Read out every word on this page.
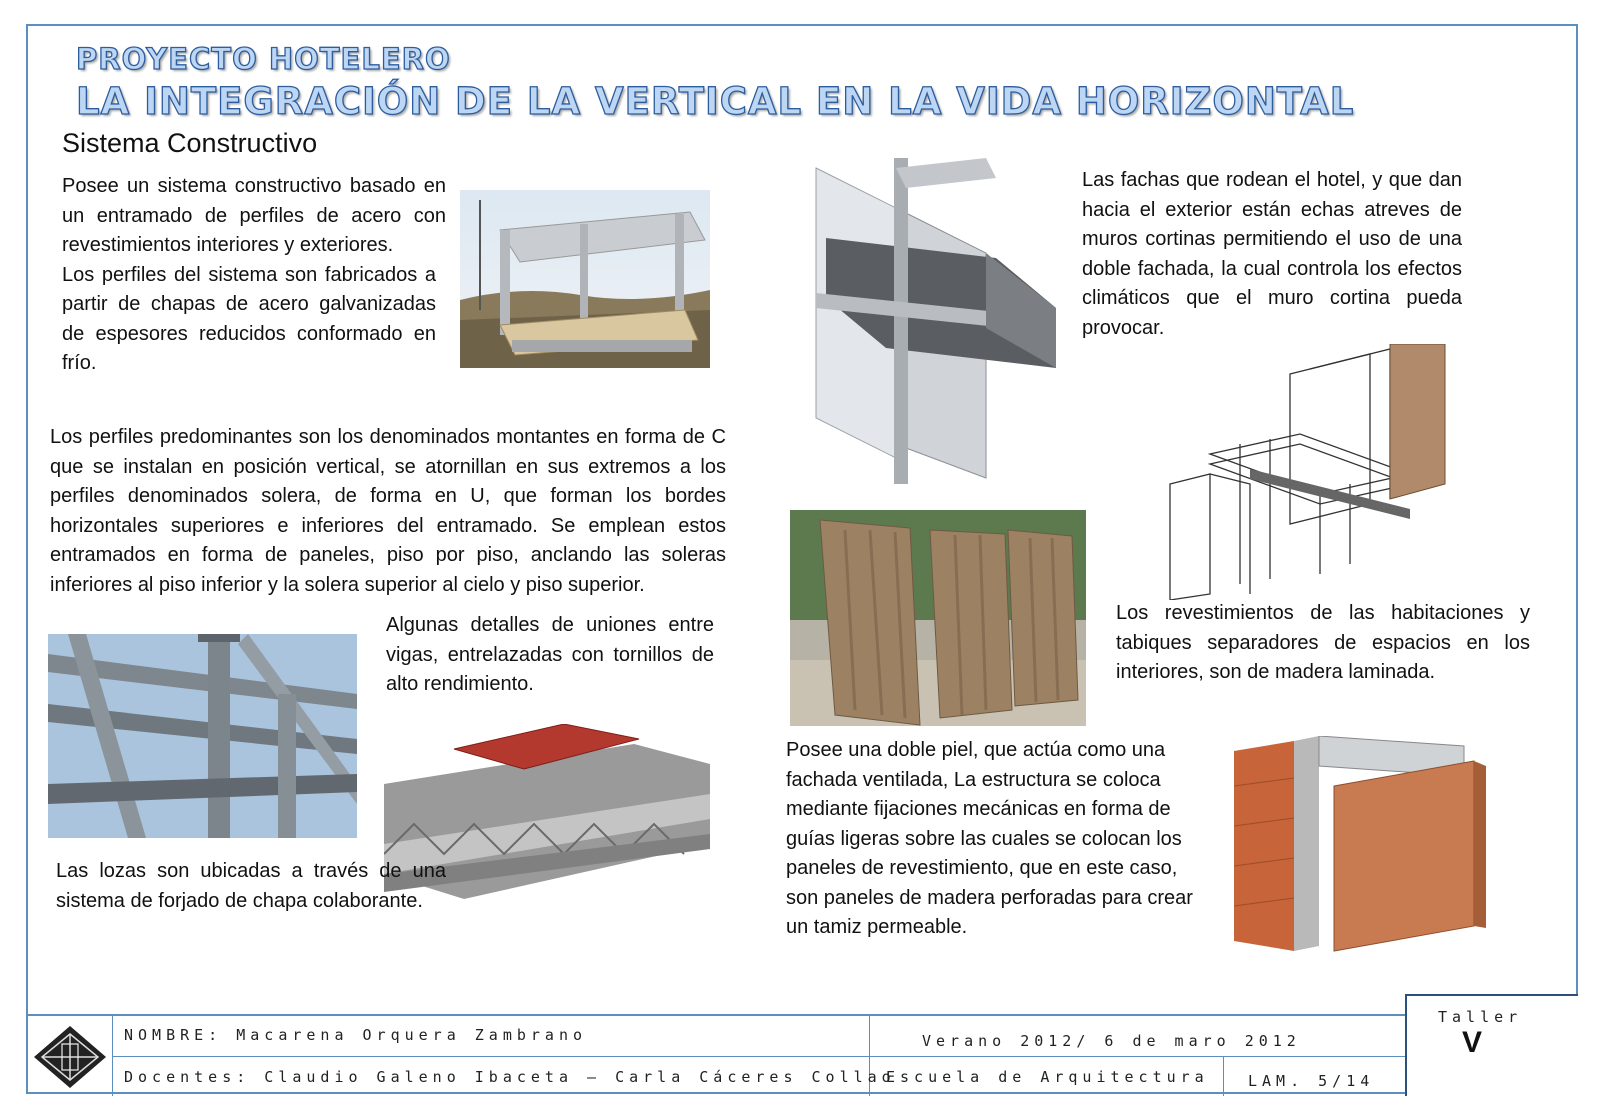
PROYECTO HOTELERO
LA INTEGRACIÓN DE LA VERTICAL EN LA VIDA HORIZONTAL
Sistema Constructivo

Posee un sistema constructivo basado en un entramado de perfiles de acero con revestimientos interiores y exteriores.

Los perfiles del sistema son fabricados a partir de chapas de acero galvanizadas de espesores reducidos conformado en frío.

Los perfiles predominantes son los denominados montantes en forma de C que se instalan en posición vertical, se atornillan en sus extremos a los perfiles denominados solera, de forma en U, que forman los bordes horizontales superiores e inferiores del entramado. Se emplean estos entramados en forma de paneles, piso por piso, anclando las soleras inferiores al piso inferior y la solera superior al cielo y piso superior.
Algunas detalles de uniones entre vigas, entrelazadas con tornillos de alto rendimiento.
Las lozas son ubicadas a través de una sistema de forjado de chapa colaborante.
Las fachas que rodean el hotel, y que dan hacia el exterior están echas atreves de muros cortinas permitiendo el uso de una doble fachada, la cual controla los efectos climáticos que el muro cortina pueda provocar.
Los revestimientos de las habitaciones y tabiques separadores de espacios en los interiores, son de madera laminada.
Posee una doble piel, que actúa como una fachada ventilada, La estructura se coloca mediante fijaciones mecánicas en forma de guías ligeras sobre las cuales se colocan los paneles de revestimiento, que en este caso, son paneles de madera perforadas para crear un tamiz permeable.
NOMBRE: Macarena Orquera Zambrano	Verano 2012/ 6 de maro 2012
Docentes: Claudio Galeno Ibaceta – Carla Cáceres Collao
Escuela de Arquitectura	LAM. 5/14
Taller
V
